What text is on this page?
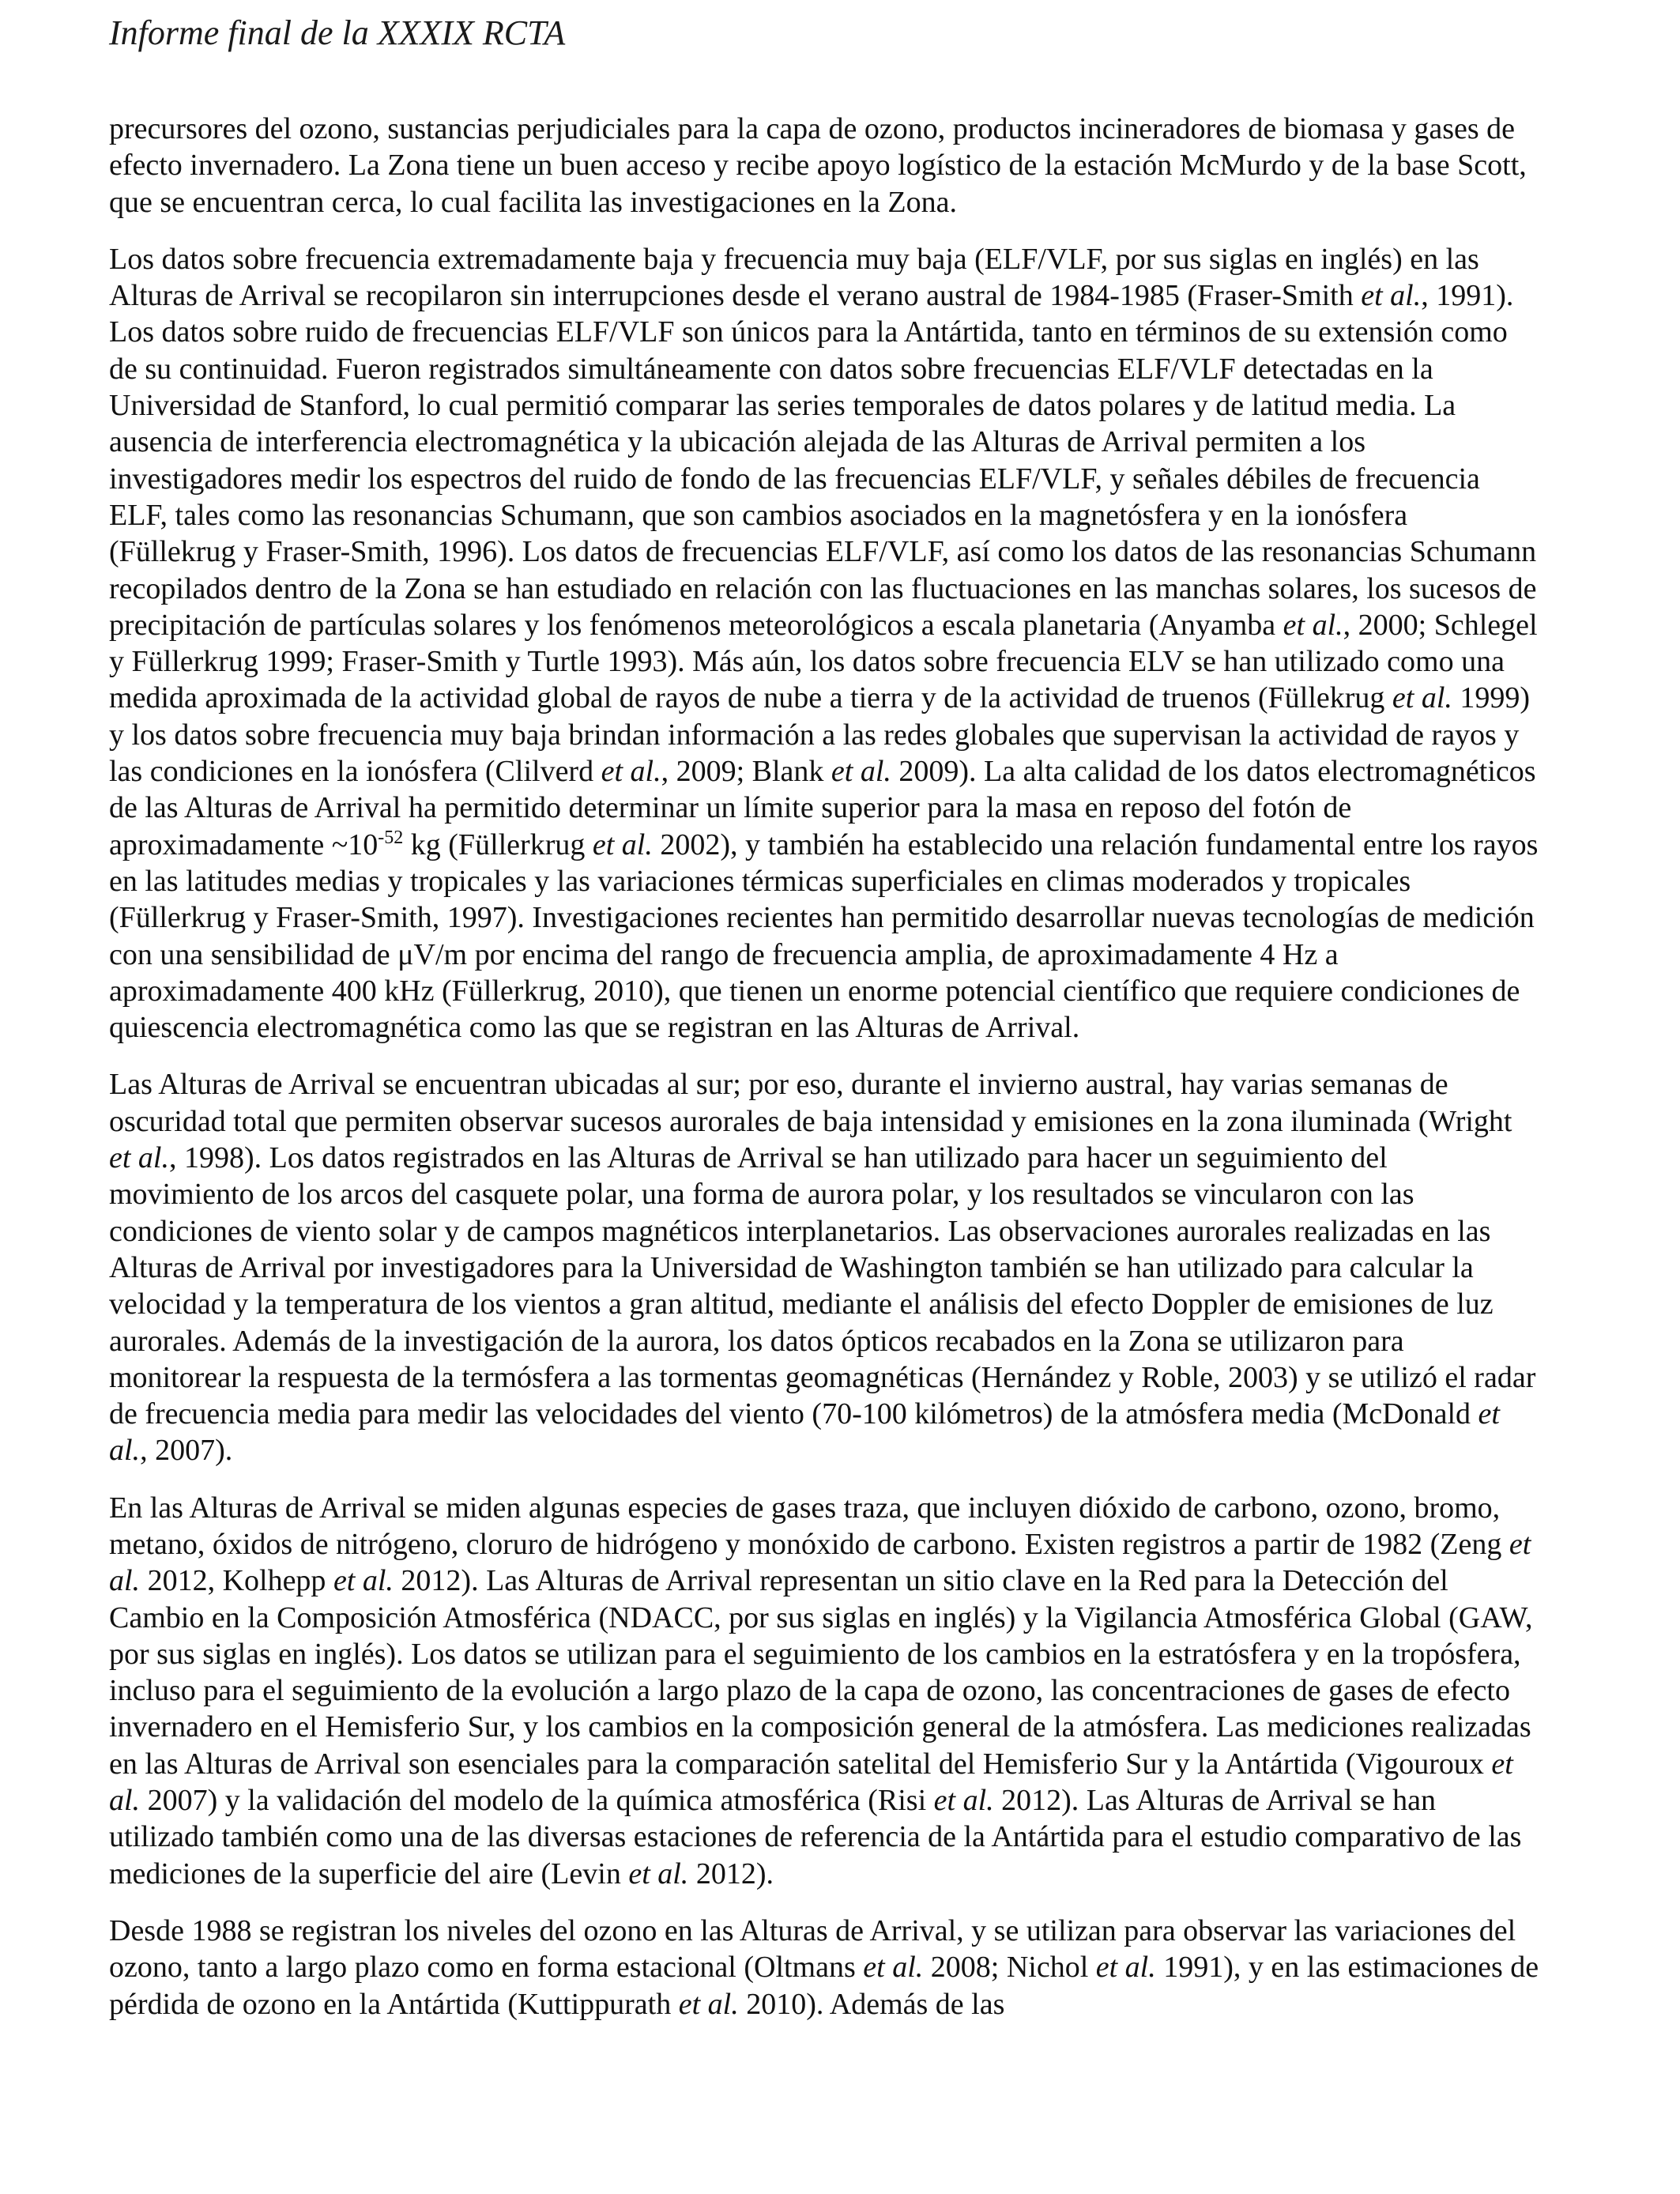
Informe final de la XXXIX RCTA

precursores del ozono, sustancias perjudiciales para la capa de ozono, productos incineradores de biomasa y gases de efecto invernadero. La Zona tiene un buen acceso y recibe apoyo logístico de la estación McMurdo y de la base Scott, que se encuentran cerca, lo cual facilita las investigaciones en la Zona.

Los datos sobre frecuencia extremadamente baja y frecuencia muy baja (ELF/VLF, por sus siglas en inglés) en las Alturas de Arrival se recopilaron sin interrupciones desde el verano austral de 1984-1985 (Fraser-Smith et al., 1991). Los datos sobre ruido de frecuencias ELF/VLF son únicos para la Antártida, tanto en términos de su extensión como de su continuidad. Fueron registrados simultáneamente con datos sobre frecuencias ELF/VLF detectadas en la Universidad de Stanford, lo cual permitió comparar las series temporales de datos polares y de latitud media. La ausencia de interferencia electromagnética y la ubicación alejada de las Alturas de Arrival permiten a los investigadores medir los espectros del ruido de fondo de las frecuencias ELF/VLF, y señales débiles de frecuencia ELF, tales como las resonancias Schumann, que son cambios asociados en la magnetósfera y en la ionósfera (Füllekrug y Fraser-Smith, 1996). Los datos de frecuencias ELF/VLF, así como los datos de las resonancias Schumann recopilados dentro de la Zona se han estudiado en relación con las fluctuaciones en las manchas solares, los sucesos de precipitación de partículas solares y los fenómenos meteorológicos a escala planetaria (Anyamba et al., 2000; Schlegel y Füllerkrug 1999; Fraser-Smith y Turtle 1993). Más aún, los datos sobre frecuencia ELV se han utilizado como una medida aproximada de la actividad global de rayos de nube a tierra y de la actividad de truenos (Füllekrug et al. 1999) y los datos sobre frecuencia muy baja brindan información a las redes globales que supervisan la actividad de rayos y las condiciones en la ionósfera (Clilverd et al., 2009; Blank et al. 2009). La alta calidad de los datos electromagnéticos de las Alturas de Arrival ha permitido determinar un límite superior para la masa en reposo del fotón de aproximadamente $\sim 10^{-52}$ kg (Füllerkrug et al. 2002), y también ha establecido una relación fundamental entre los rayos en las latitudes medias y tropicales y las variaciones térmicas superficiales en climas moderados y tropicales (Füllerkrug y Fraser-Smith, 1997). Investigaciones recientes han permitido desarrollar nuevas tecnologías de medición con una sensibilidad de μV/m por encima del rango de frecuencia amplia, de aproximadamente 4 Hz a aproximadamente 400 kHz (Füllerkrug, 2010), que tienen un enorme potencial científico que requiere condiciones de quiescencia electromagnética como las que se registran en las Alturas de Arrival.

Las Alturas de Arrival se encuentran ubicadas al sur; por eso, durante el invierno austral, hay varias semanas de oscuridad total que permiten observar sucesos aurorales de baja intensidad y emisiones en la zona iluminada (Wright et al., 1998). Los datos registrados en las Alturas de Arrival se han utilizado para hacer un seguimiento del movimiento de los arcos del casquete polar, una forma de aurora polar, y los resultados se vincularon con las condiciones de viento solar y de campos magnéticos interplanetarios. Las observaciones aurorales realizadas en las Alturas de Arrival por investigadores para la Universidad de Washington también se han utilizado para calcular la velocidad y la temperatura de los vientos a gran altitud, mediante el análisis del efecto Doppler de emisiones de luz aurorales. Además de la investigación de la aurora, los datos ópticos recabados en la Zona se utilizaron para monitorear la respuesta de la termósfera a las tormentas geomagnéticas (Hernández y Roble, 2003) y se utilizó el radar de frecuencia media para medir las velocidades del viento (70-100 kilómetros) de la atmósfera media (McDonald et al., 2007).

En las Alturas de Arrival se miden algunas especies de gases traza, que incluyen dióxido de carbono, ozono, bromo, metano, óxidos de nitrógeno, cloruro de hidrógeno y monóxido de carbono. Existen registros a partir de 1982 (Zeng et al. 2012, Kolhepp et al. 2012). Las Alturas de Arrival representan un sitio clave en la Red para la Detección del Cambio en la Composición Atmosférica (NDACC, por sus siglas en inglés) y la Vigilancia Atmosférica Global (GAW, por sus siglas en inglés). Los datos se utilizan para el seguimiento de los cambios en la estratósfera y en la tropósfera, incluso para el seguimiento de la evolución a largo plazo de la capa de ozono, las concentraciones de gases de efecto invernadero en el Hemisferio Sur, y los cambios en la composición general de la atmósfera. Las mediciones realizadas en las Alturas de Arrival son esenciales para la comparación satelital del Hemisferio Sur y la Antártida (Vigouroux et al. 2007) y la validación del modelo de la química atmosférica (Risi et al. 2012). Las Alturas de Arrival se han utilizado también como una de las diversas estaciones de referencia de la Antártida para el estudio comparativo de las mediciones de la superficie del aire (Levin et al. 2012).

Desde 1988 se registran los niveles del ozono en las Alturas de Arrival, y se utilizan para observar las variaciones del ozono, tanto a largo plazo como en forma estacional (Oltmans et al. 2008; Nichol et al. 1991), y en las estimaciones de pérdida de ozono en la Antártida (Kuttippurath et al. 2010). Además de las
